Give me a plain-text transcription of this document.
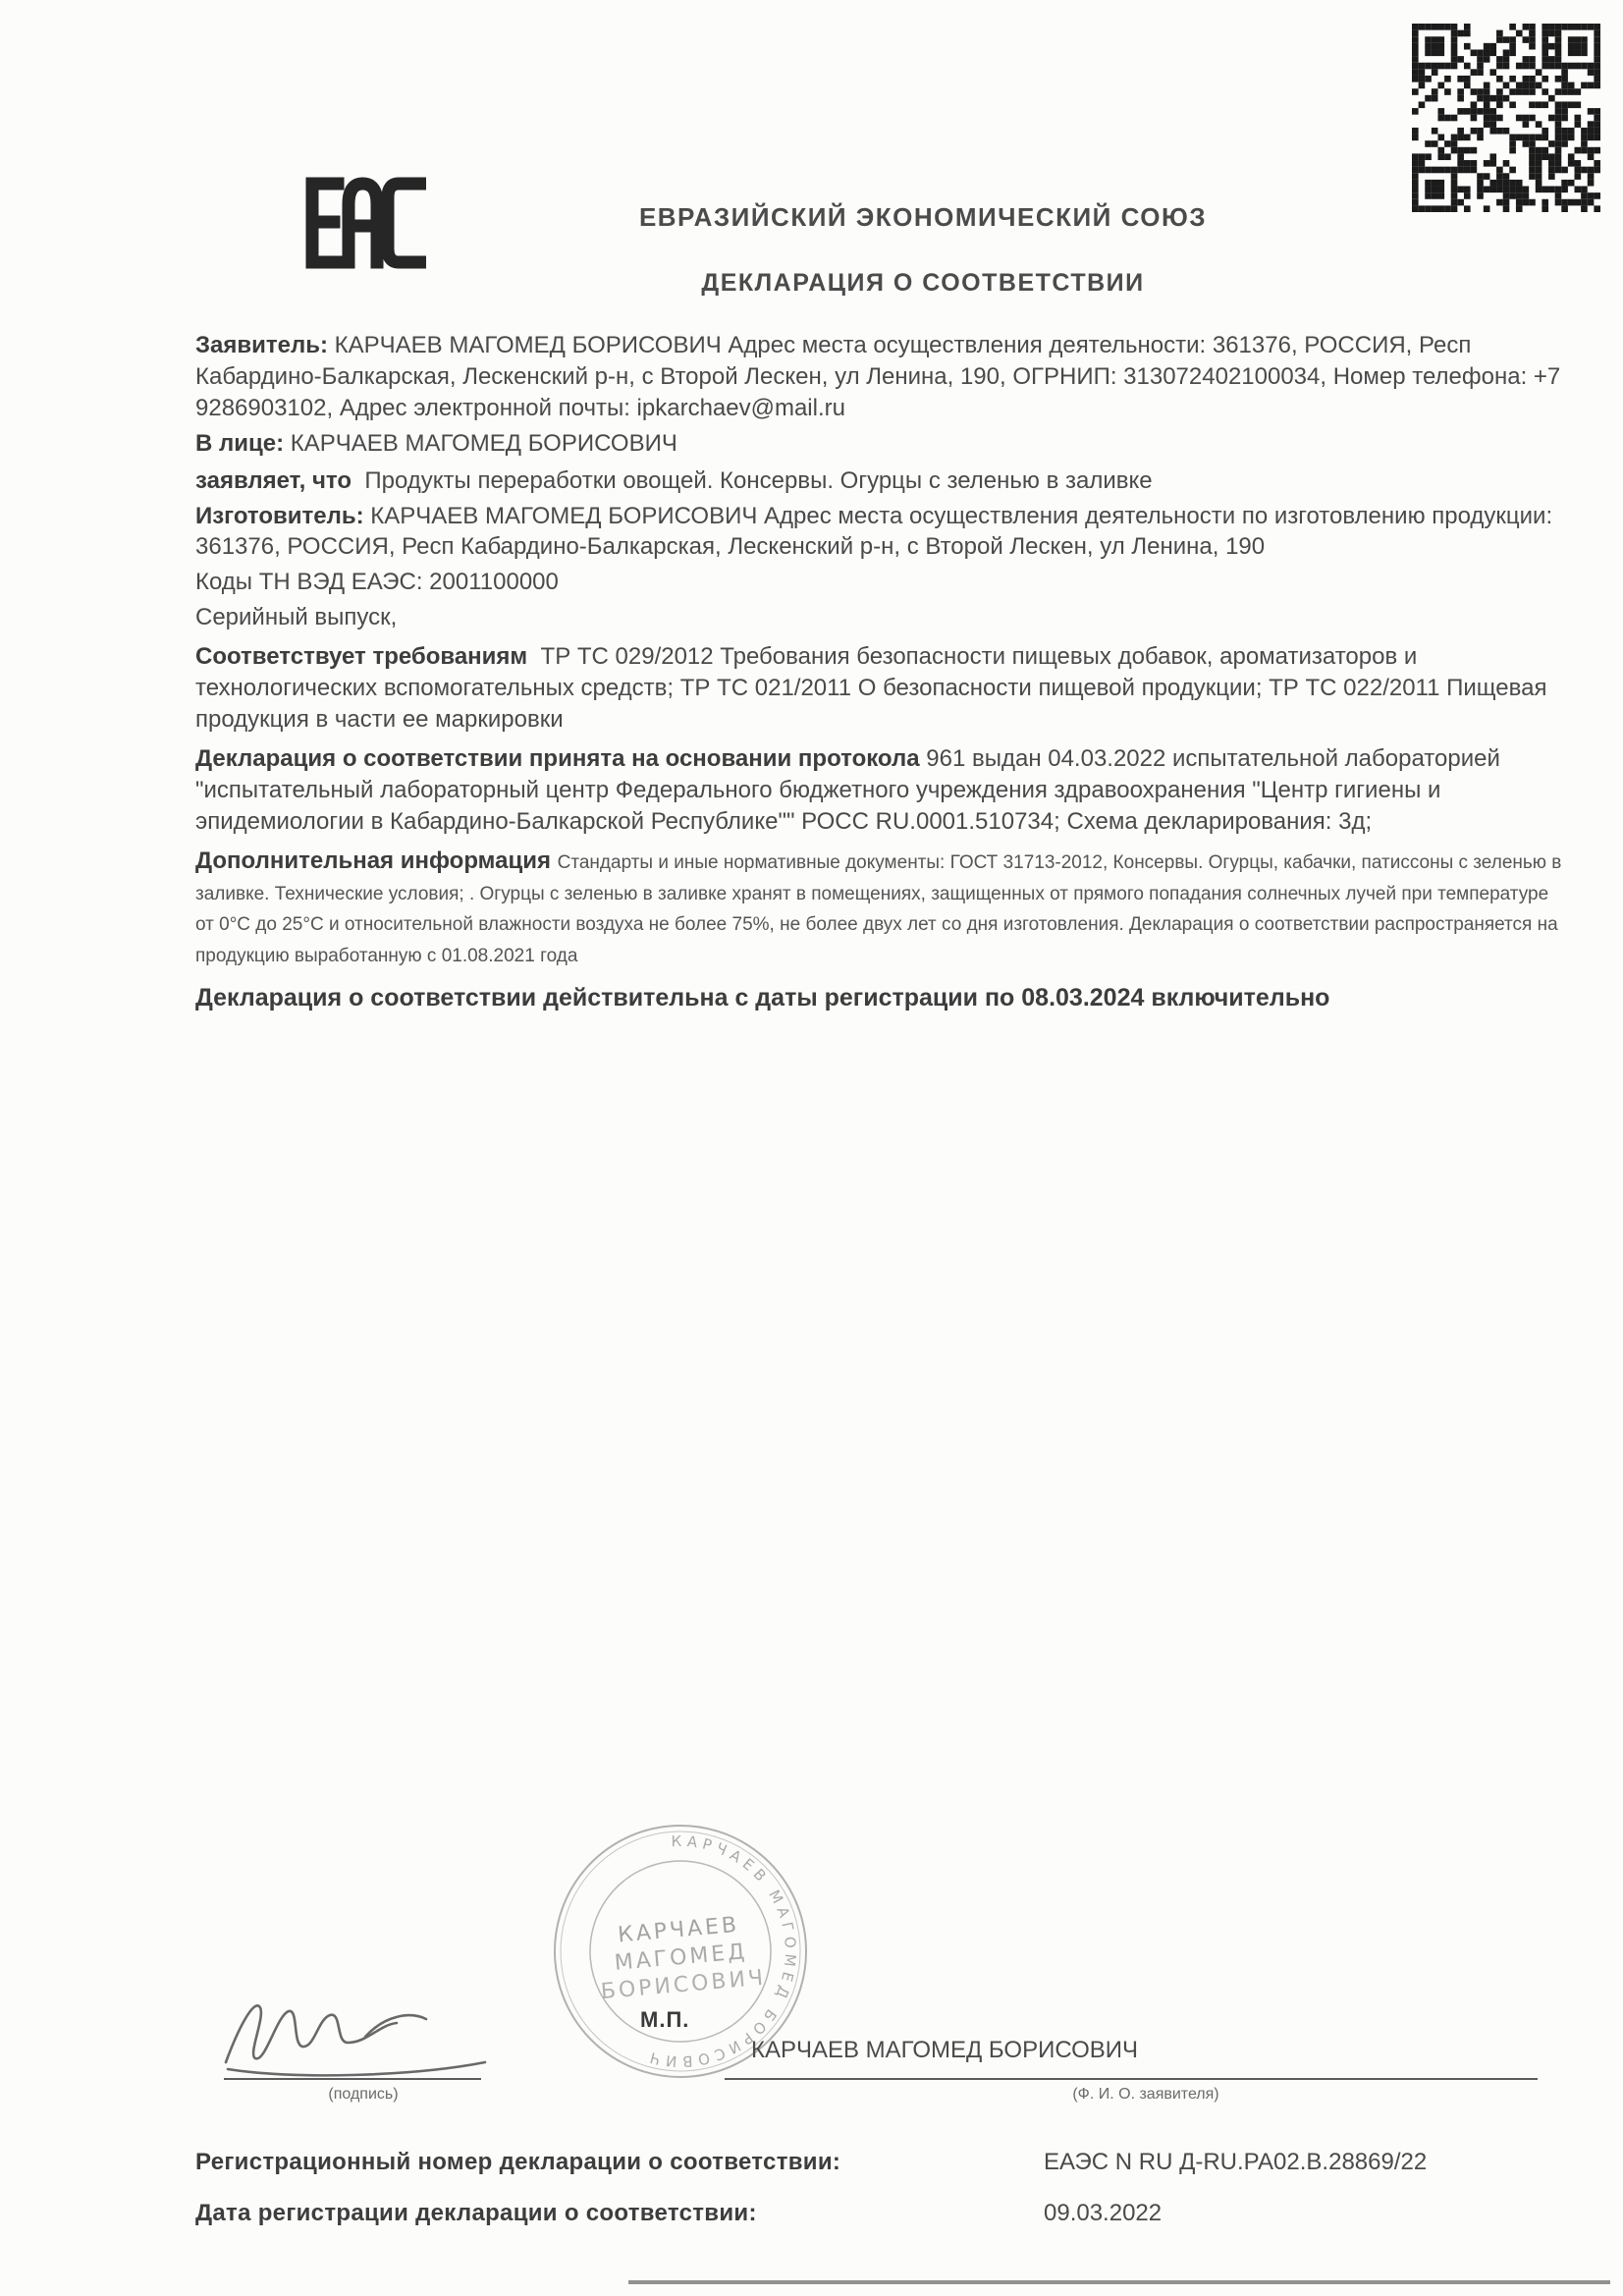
ЕВРАЗИЙСКИЙ ЭКОНОМИЧЕСКИЙ СОЮЗ
ДЕКЛАРАЦИЯ О СООТВЕТСТВИИ

Заявитель: КАРЧАЕВ МАГОМЕД БОРИСОВИЧ Адрес места осуществления деятельности: 361376, РОССИЯ, Респ Кабардино-Балкарская, Лескенский р-н, с Второй Лескен, ул Ленина, 190, ОГРНИП: 313072402100034, Номер телефона: +7 9286903102, Адрес электронной почты: ipkarchaev@mail.ru

В лице: КАРЧАЕВ МАГОМЕД БОРИСОВИЧ

заявляет, что Продукты переработки овощей. Консервы. Огурцы с зеленью в заливке

Изготовитель: КАРЧАЕВ МАГОМЕД БОРИСОВИЧ Адрес места осуществления деятельности по изготовлению продукции: 361376, РОССИЯ, Респ Кабардино-Балкарская, Лескенский р-н, с Второй Лескен, ул Ленина, 190

Коды ТН ВЭД ЕАЭС: 2001100000

Серийный выпуск,

Соответствует требованиям ТР ТС 029/2012 Требования безопасности пищевых добавок, ароматизаторов и технологических вспомогательных средств; ТР ТС 021/2011 О безопасности пищевой продукции; ТР ТС 022/2011 Пищевая продукция в части ее маркировки

Декларация о соответствии принята на основании протокола 961 выдан 04.03.2022 испытательной лабораторией "испытательный лабораторный центр Федерального бюджетного учреждения здравоохранения "Центр гигиены и эпидемиологии в Кабардино-Балкарской Республике"" РОСС RU.0001.510734; Схема декларирования: 3д;

Дополнительная информация Стандарты и иные нормативные документы: ГОСТ 31713-2012, Консервы. Огурцы, кабачки, патиссоны с зеленью в заливке. Технические условия; . Огурцы с зеленью в заливке хранят в помещениях, защищенных от прямого попадания солнечных лучей при температуре от 0°С до 25°С и относительной влажности воздуха не более 75%, не более двух лет со дня изготовления. Декларация о соответствии распространяется на продукцию выработанную с 01.08.2021 года

Декларация о соответствии действительна с даты регистрации по 08.03.2024 включительно

КАРЧАЕВ МАГОМЕД БОРИСОВИЧ
КАРЧАЕВ
МАГОМЕД
БОРИСОВИЧ
М.П.
(подпись)
КАРЧАЕВ МАГОМЕД БОРИСОВИЧ
(Ф. И. О. заявителя)
Регистрационный номер декларации о соответствии:	ЕАЭС N RU Д-RU.РА02.В.28869/22
Дата регистрации декларации о соответствии:	09.03.2022
